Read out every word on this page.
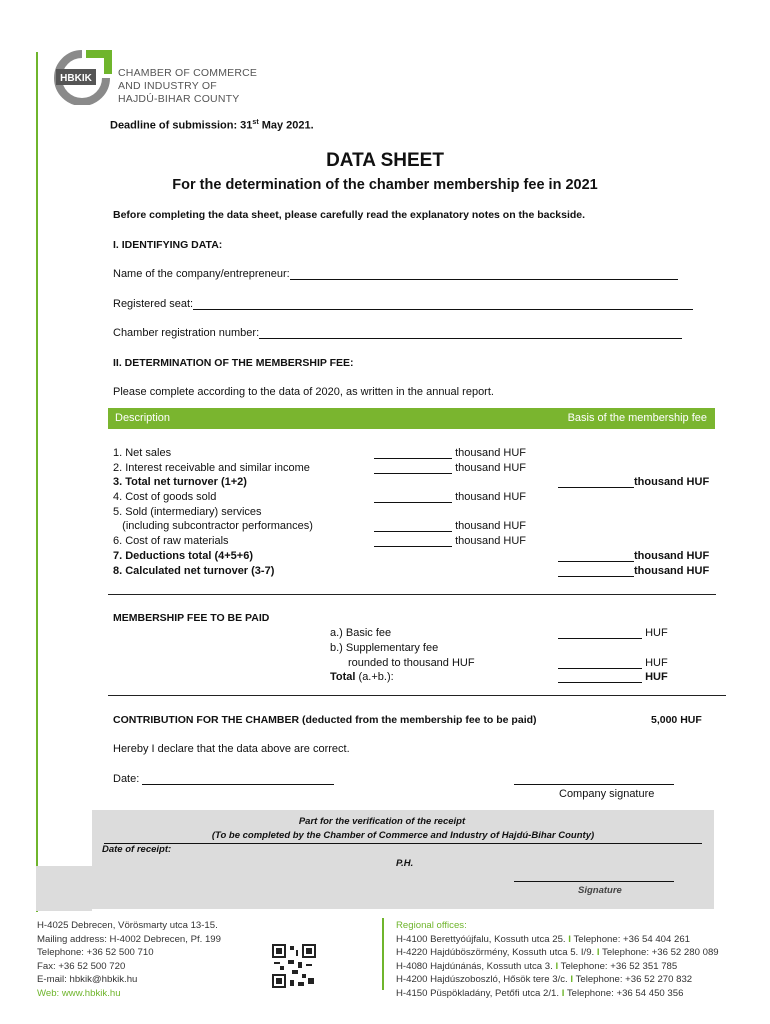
HBKIK CHAMBER OF COMMERCE
AND INDUSTRY OF
HAJDÚ-BIHAR COUNTY
Deadline of submission: 31st May 2021.
DATA SHEET
For the determination of the chamber membership fee in 2021
Before completing the data sheet, please carefully read the explanatory notes on the backside.
I. IDENTIFYING DATA:
Name of the company/entrepreneur:
Registered seat:
Chamber registration number:
II. DETERMINATION OF THE MEMBERSHIP FEE:
Please complete according to the data of 2020, as written in the annual report.
Description	Basis of the membership fee
1. Net sales	thousand HUF
2. Interest receivable and similar income	thousand HUF
3. Total net turnover (1+2)	thousand HUF
4. Cost of goods sold	thousand HUF
5. Sold (intermediary) services
(including subcontractor performances)	thousand HUF
6. Cost of raw materials	thousand HUF
7. Deductions total (4+5+6)	thousand HUF
8. Calculated net turnover (3-7)	thousand HUF
MEMBERSHIP FEE TO BE PAID
a.) Basic fee	HUF
b.) Supplementary fee
rounded to thousand HUF	HUF
Total (a.+b.):	HUF
CONTRIBUTION FOR THE CHAMBER (deducted from the membership fee to be paid)	5,000 HUF
Hereby I declare that the data above are correct.
Date:
Company signature
Part for the verification of the receipt
(To be completed by the Chamber of Commerce and Industry of Hajdú-Bihar County)
Date of receipt:
P.H.
Signature
H-4025 Debrecen, Vörösmarty utca 13-15.
Mailing address: H-4002 Debrecen, Pf. 199
Telephone: +36 52 500 710
Fax: +36 52 500 720
E-mail: hbkik@hbkik.hu
Web: www.hbkik.hu
Regional offices:
H-4100 Berettyóújfalu, Kossuth utca 25. I Telephone: +36 54 404 261
H-4220 Hajdúböszörmény, Kossuth utca 5. I/9. I Telephone: +36 52 280 089
H-4080 Hajdúnánás, Kossuth utca 3. I Telephone: +36 52 351 785
H-4200 Hajdúszoboszló, Hősök tere 3/c. I Telephone: +36 52 270 832
H-4150 Püspökladány, Petőfi utca 2/1. I Telephone: +36 54 450 356
